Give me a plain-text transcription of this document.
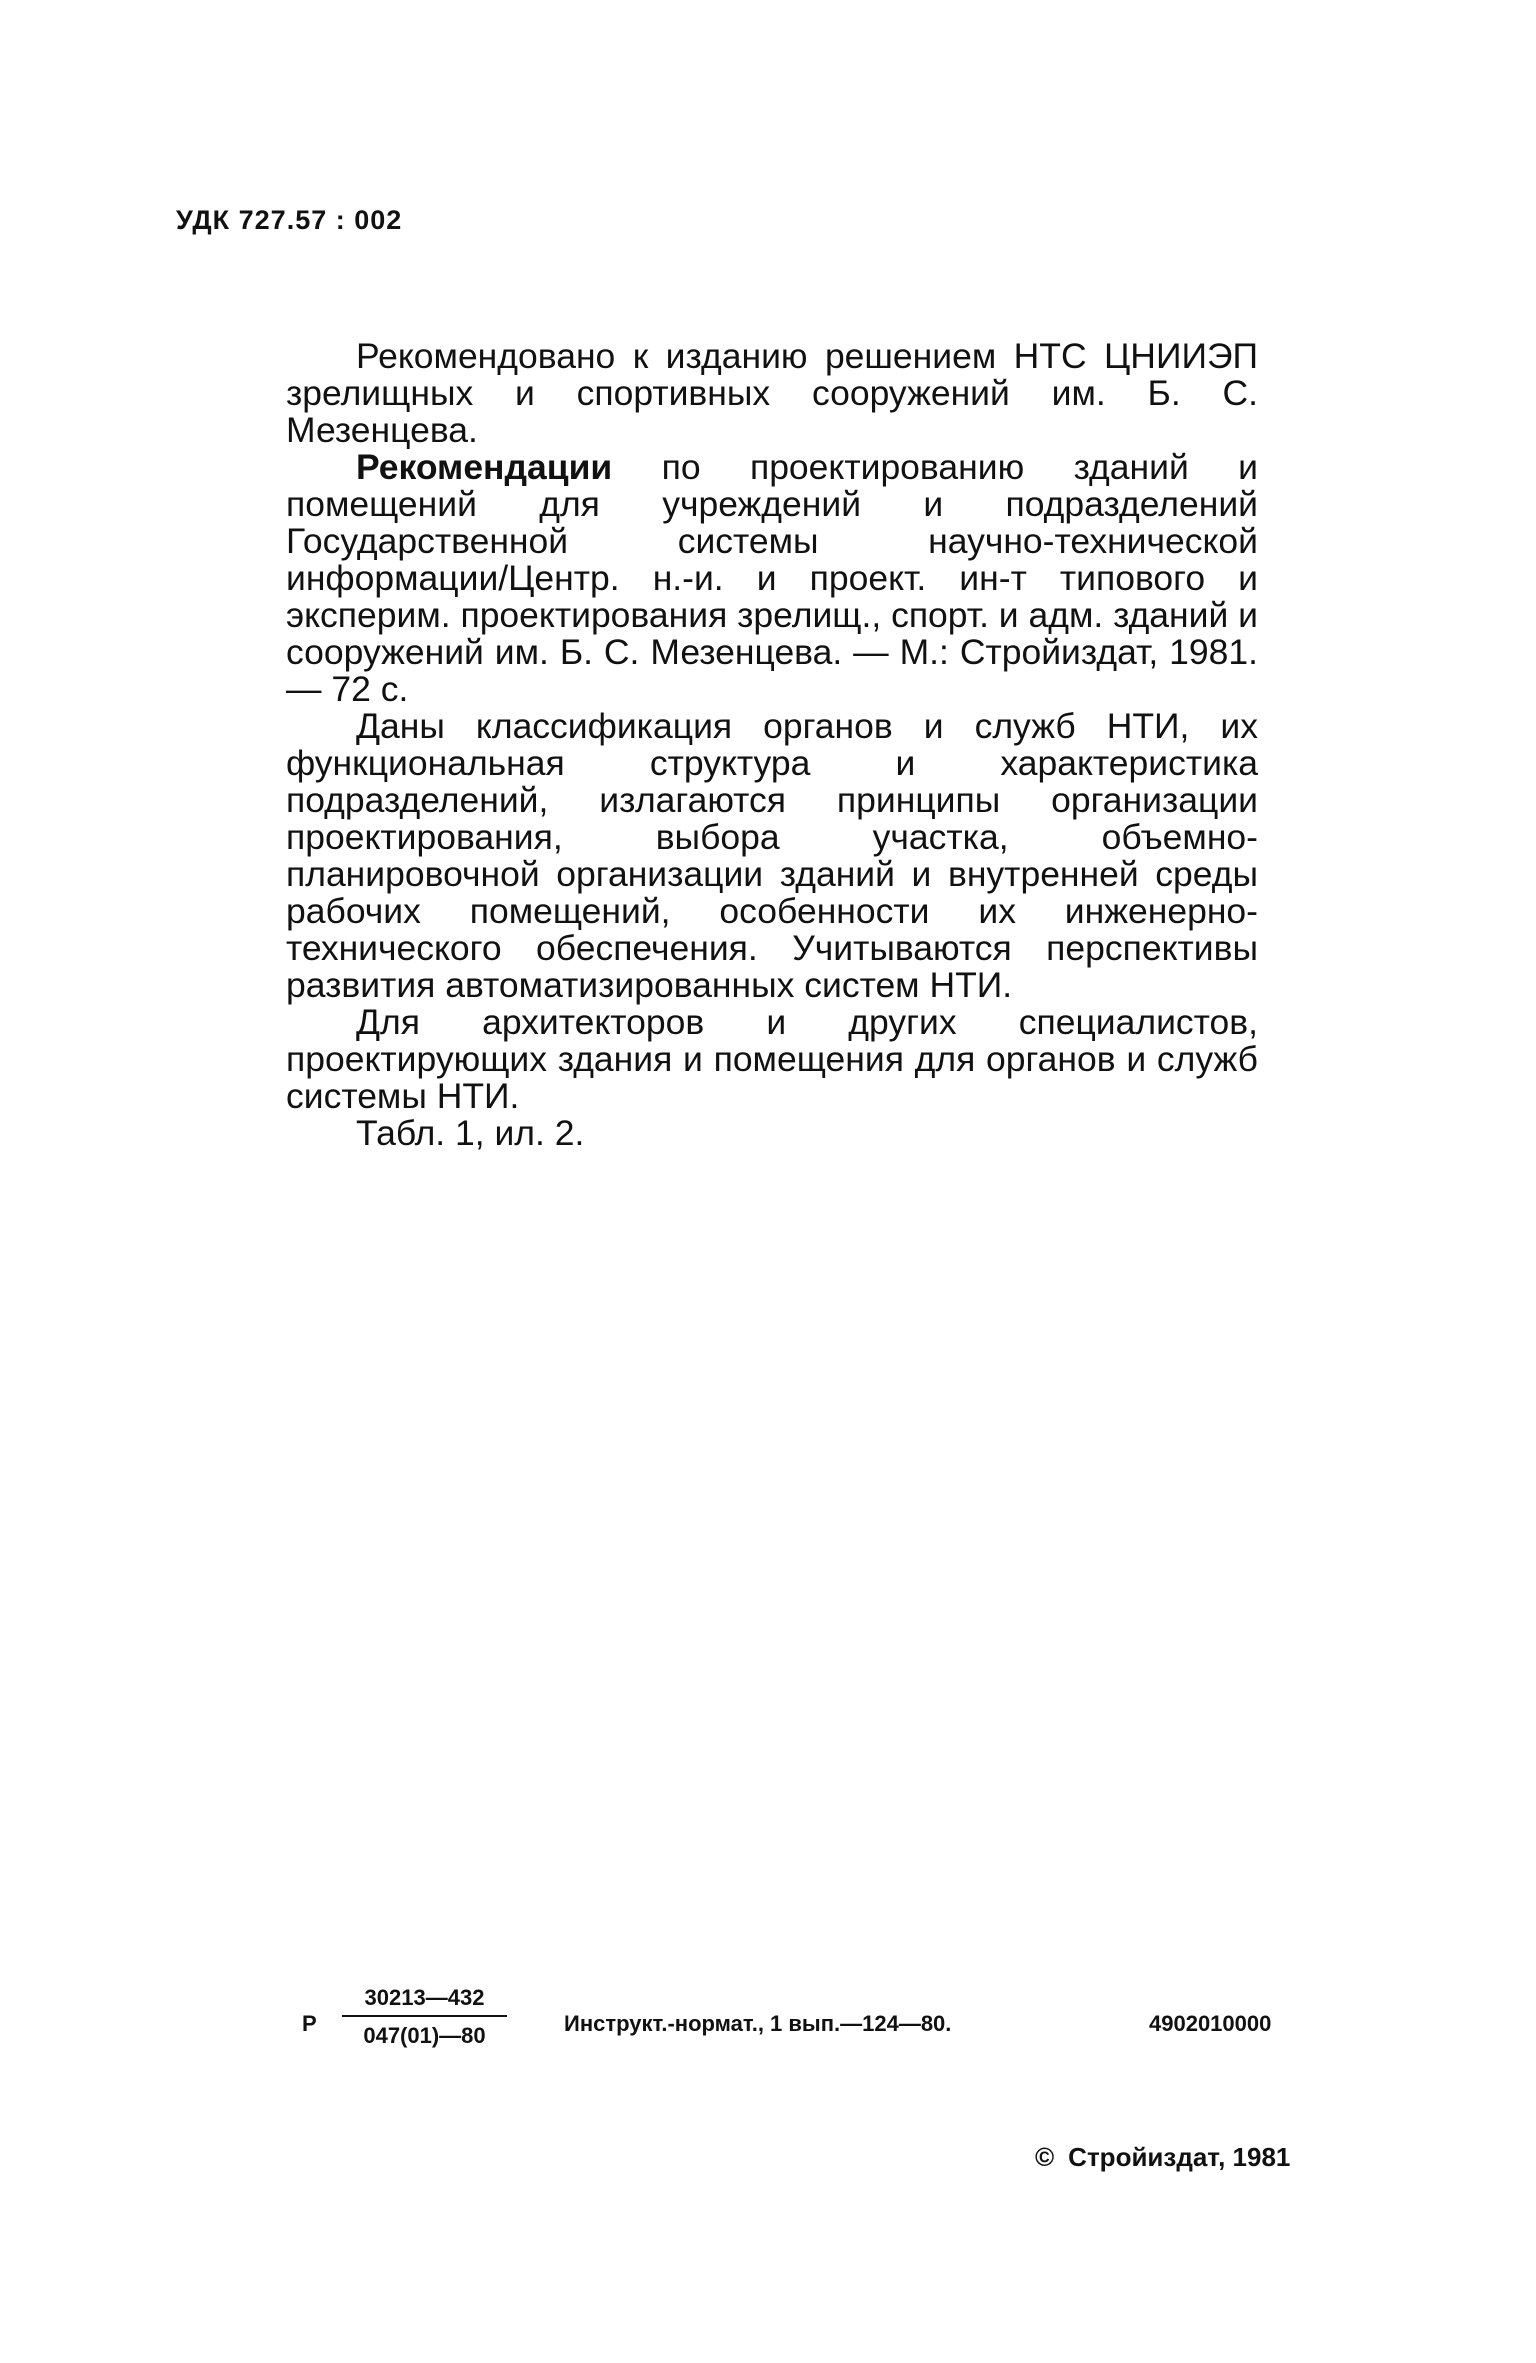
УДК 727.57 : 002

Рекомендовано к изданию решением НТС ЦНИИЭП зрелищных и спортивных сооружений им. Б. С. Мезенцева.

Рекомендации по проектированию зданий и помещений для учреждений и подразделений Государственной системы научно-технической информации/Центр. н.-и. и проект. ин-т типового и эксперим. проектирования зрелищ., спорт. и адм. зданий и сооружений им. Б. С. Мезенцева. — М.: Стройиздат, 1981. — 72 с.

Даны классификация органов и служб НТИ, их функциональная структура и характеристика подразделений, излагаются принципы организации проектирования, выбора участка, объемно-планировочной организации зданий и внутренней среды рабочих помещений, особенности их инженерно-технического обеспечения. Учитываются перспективы развития автоматизированных систем НТИ.

Для архитекторов и других специалистов, проектирующих здания и помещения для органов и служб системы НТИ.

Табл. 1, ил. 2.

Р $\frac{30213—432}{047(01)—80}$	Инструкт.-нормат., 1 вып.—124—80.	4902010000
© Стройиздат, 1981
